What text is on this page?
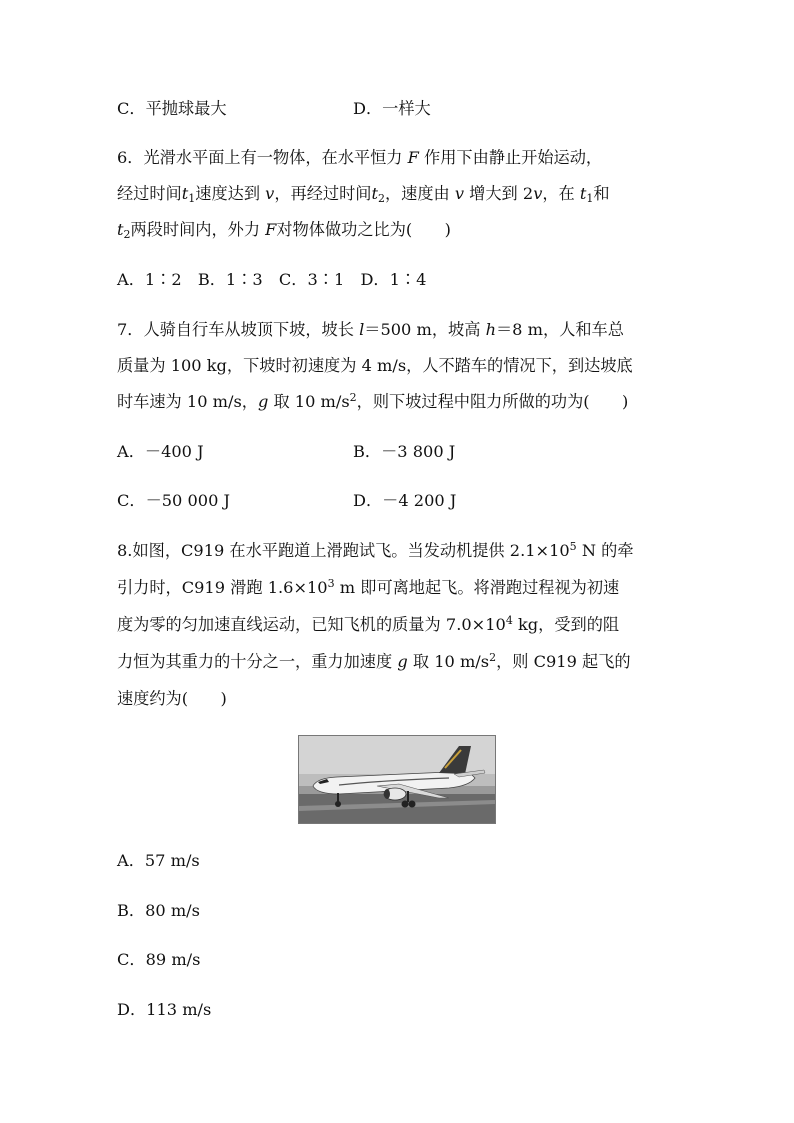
C．平抛球最大	D．一样大
6．光滑水平面上有一物体，在水平恒力 F 作用下由静止开始运动，
经过时间$t_1$速度达到 v，再经过时间$t_2$，速度由 v 增大到 2v，在 $t_1$和
$t_2$两段时间内，外力 F对物体做功之比为(　　)
A．1∶2　B．1∶3　C．3∶1　D．1∶4
7．人骑自行车从坡顶下坡，坡长 l＝500 m，坡高 h＝8 m，人和车总
质量为 100 kg，下坡时初速度为 4 m/s，人不踏车的情况下，到达坡底
时车速为 10 m/s，g 取 10 $m/s^2$，则下坡过程中阻力所做的功为(　　)
A．－400 J	B．－3 800 J
C．－50 000 J	D．－4 200 J
8.如图，C919 在水平跑道上滑跑试飞。当发动机提供 $2.1\times 10^5$ N 的牵
引力时，C919 滑跑 $1.6\times 10^3$ m 即可离地起飞。将滑跑过程视为初速
度为零的匀加速直线运动，已知飞机的质量为 $7.0\times 10^4$ kg，受到的阻
力恒为其重力的十分之一，重力加速度 g 取 10 $m/s^2$，则 C919 起飞的
速度约为(　　)
A．57 m/s
B．80 m/s
C．89 m/s
D．113 m/s
